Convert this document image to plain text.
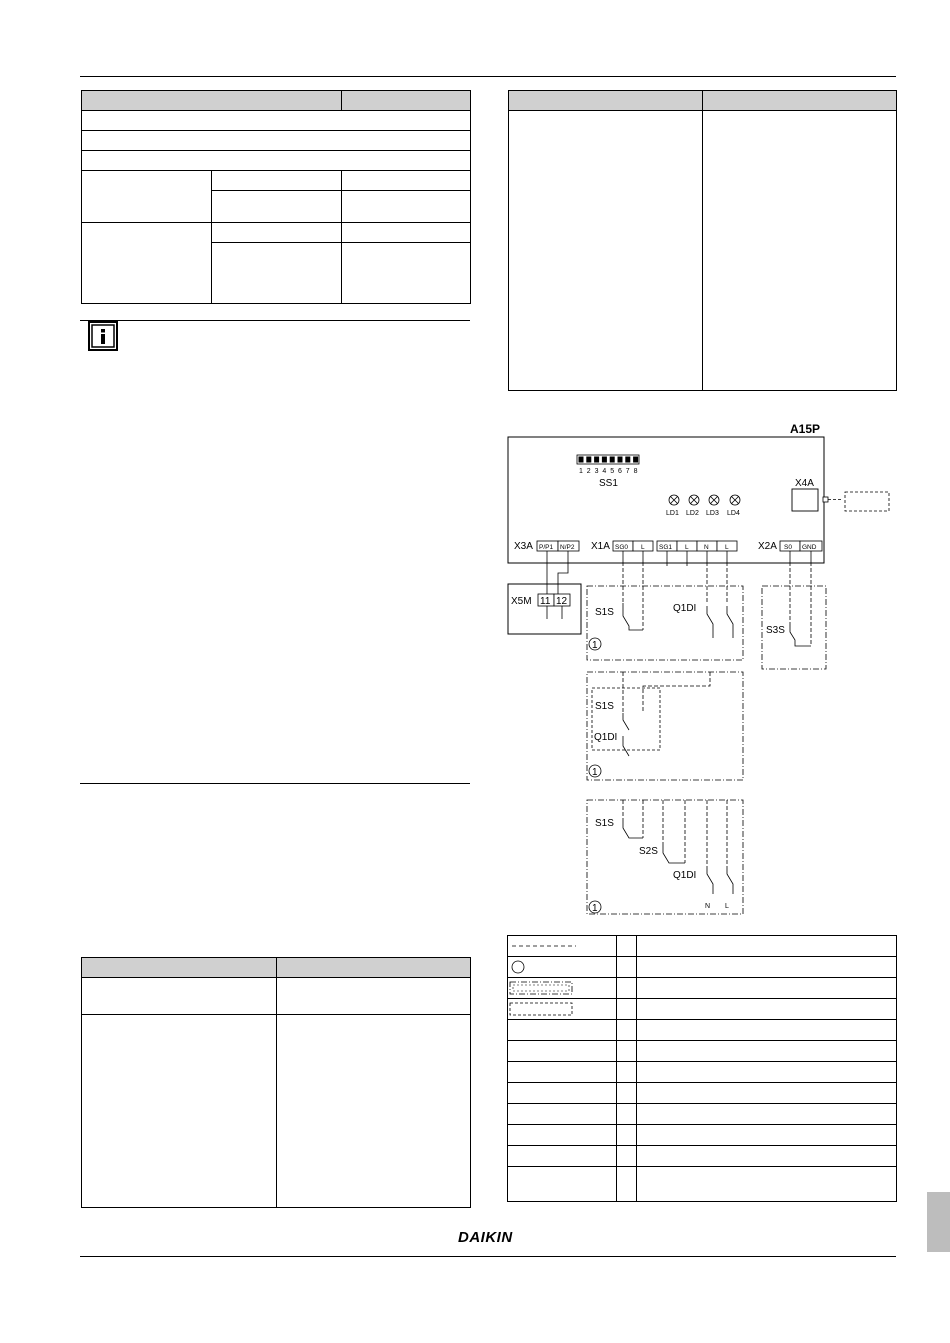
A15P
1 2 3 4 5 6 7 8
SS1
LD1 LD2 LD3 LD4
X4A
X3A P/P1 N/P2 X1A SG0 L SG1 L N	L	X2A S0 GND
X5M 11 12
S1S	Q1DI
1
S3S
S1S
Q1DI
1
S1S
S2S
Q1DI
N L
1

DAIKIN
